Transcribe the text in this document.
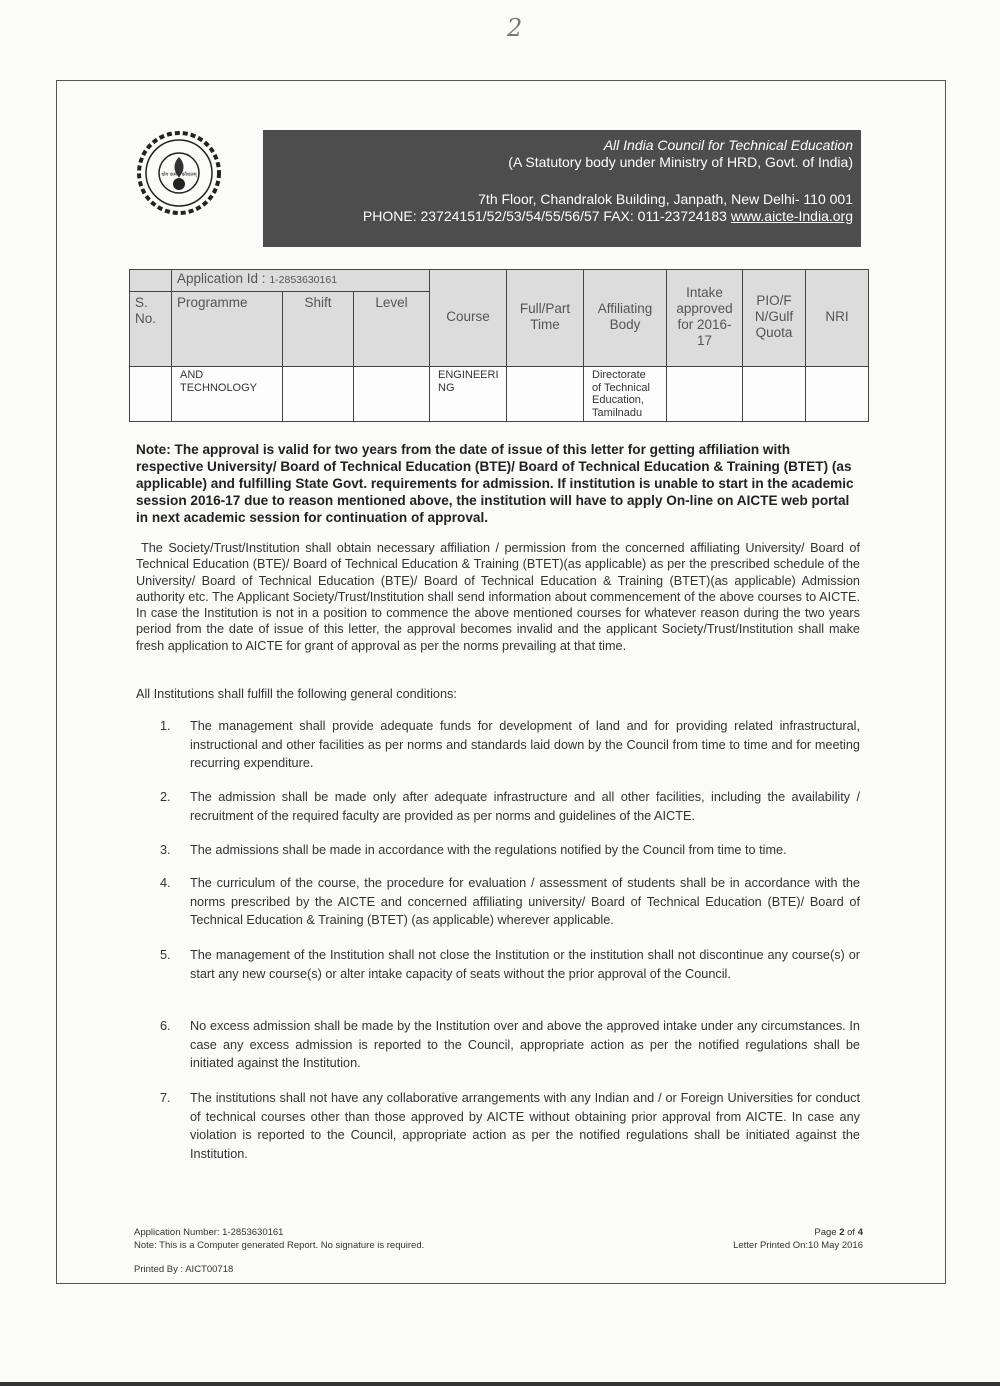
2
योग कर्मसु कौशलम्
All India Council for Technical Education
(A Statutory body under Ministry of HRD, Govt. of India)
7th Floor, Chandralok Building, Janpath, New Delhi- 110 001
PHONE: 23724151/52/53/54/55/56/57 FAX: 011-23724183 www.aicte-India.org
	Application Id : 1-2853630161			Course	Full/Part Time	Affiliating Body	Intake approved for 2016-17	PIO/F N/Gulf Quota	NRI
S. No.	Programme	Shift	Level						
	AND TECHNOLOGY			ENGINEERI NG		Directorate of Technical Education, Tamilnadu			
Note: The approval is valid for two years from the date of issue of this letter for getting affiliation with respective University/ Board of Technical Education (BTE)/ Board of Technical Education & Training (BTET) (as applicable) and fulfilling State Govt. requirements for admission. If institution is unable to start in the academic session 2016-17 due to reason mentioned above, the institution will have to apply On-line on AICTE web portal in next academic session for continuation of approval.
The Society/Trust/Institution shall obtain necessary affiliation / permission from the concerned affiliating University/ Board of Technical Education (BTE)/ Board of Technical Education & Training (BTET)(as applicable) as per the prescribed schedule of the University/ Board of Technical Education (BTE)/ Board of Technical Education & Training (BTET)(as applicable) Admission authority etc. The Applicant Society/Trust/Institution shall send information about commencement of the above courses to AICTE. In case the Institution is not in a position to commence the above mentioned courses for whatever reason during the two years period from the date of issue of this letter, the approval becomes invalid and the applicant Society/Trust/Institution shall make fresh application to AICTE for grant of approval as per the norms prevailing at that time.
All Institutions shall fulfill the following general conditions:
1.	The management shall provide adequate funds for development of land and for providing related infrastructural, instructional and other facilities as per norms and standards laid down by the Council from time to time and for meeting recurring expenditure.
2.	The admission shall be made only after adequate infrastructure and all other facilities, including the availability / recruitment of the required faculty are provided as per norms and guidelines of the AICTE.
3.	The admissions shall be made in accordance with the regulations notified by the Council from time to time.
4.	The curriculum of the course, the procedure for evaluation / assessment of students shall be in accordance with the norms prescribed by the AICTE and concerned affiliating university/ Board of Technical Education (BTE)/ Board of Technical Education & Training (BTET) (as applicable) wherever applicable.
5.	The management of the Institution shall not close the Institution or the institution shall not discontinue any course(s) or start any new course(s) or alter intake capacity of seats without the prior approval of the Council.
6.	No excess admission shall be made by the Institution over and above the approved intake under any circumstances. In case any excess admission is reported to the Council, appropriate action as per the notified regulations shall be initiated against the Institution.
7.	The institutions shall not have any collaborative arrangements with any Indian and / or Foreign Universities for conduct of technical courses other than those approved by AICTE without obtaining prior approval from AICTE. In case any violation is reported to the Council, appropriate action as per the notified regulations shall be initiated against the Institution.
Application Number: 1-2853630161
Note: This is a Computer generated Report. No signature is required.
Page 2 of 4
Letter Printed On:10 May 2016
Printed By : AICT00718
